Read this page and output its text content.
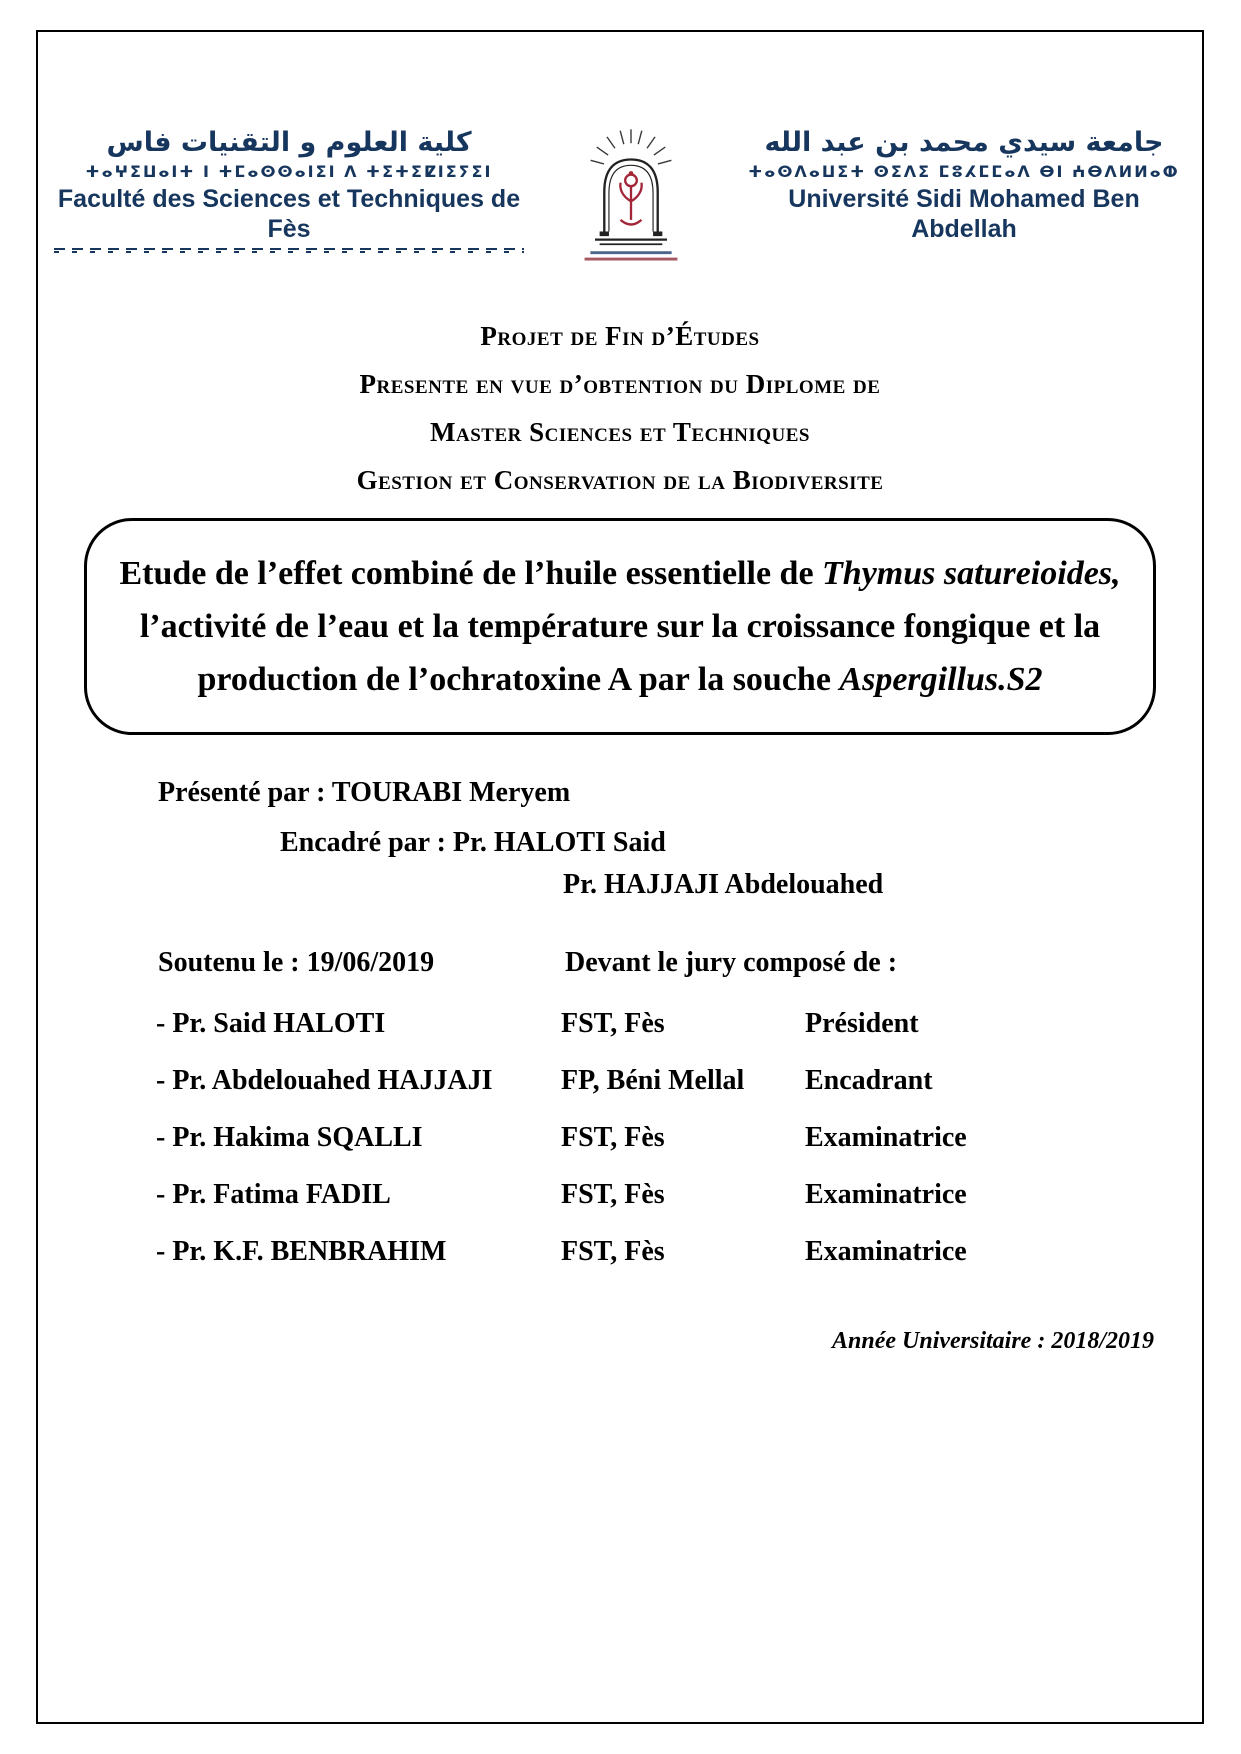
كلية العلوم و التقنيات فاس
ⵜⴰⵖⵉⵡⴰⵏⵜ ⵏ ⵜⵎⴰⵙⵙⴰⵏⵉⵏ ⴷ ⵜⵉⵜⵉⵇⵏⵉⵢⵉⵏ
Faculté des Sciences et Techniques de Fès
جامعة سيدي محمد بن عبد الله
ⵜⴰⵙⴷⴰⵡⵉⵜ ⵙⵉⴷⵉ ⵎⵓⵃⵎⵎⴰⴷ ⴱⵏ ⵄⴱⴷⵍⵍⴰⵀ
Université Sidi Mohamed Ben Abdellah
Projet de Fin d’Études
Presente en vue d’obtention du Diplome de
Master Sciences et Techniques
Gestion et Conservation de la Biodiversite
Etude de l’effet combiné de l’huile essentielle de Thymus satureioides, l’activité de l’eau et la température sur la croissance fongique et la production de l’ochratoxine A par la souche Aspergillus.S2
Présenté par : TOURABI Meryem
Encadré par : Pr. HALOTI Said
Pr. HAJJAJI Abdelouahed
Soutenu le : 19/06/2019	Devant le jury composé de :
- Pr. Said HALOTI	FST, Fès	Président
- Pr. Abdelouahed HAJJAJI	FP, Béni Mellal	Encadrant
- Pr. Hakima SQALLI	FST, Fès	Examinatrice
- Pr. Fatima FADIL	FST, Fès	Examinatrice
- Pr. K.F. BENBRAHIM	FST, Fès	Examinatrice
Année Universitaire : 2018/2019
